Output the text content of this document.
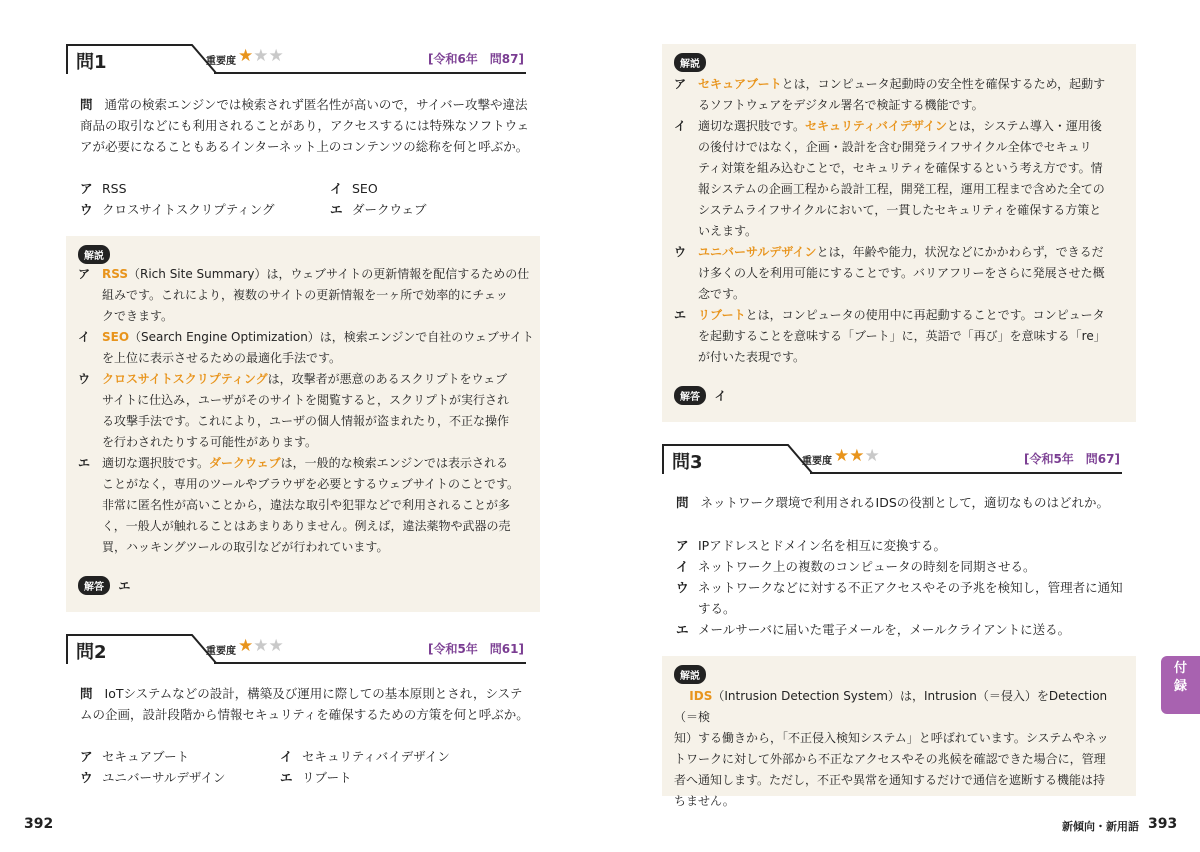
問1	重要度 ★★★	[令和6年　問87]
問 通常の検索エンジンでは検索されず匿名性が高いので，サイバー攻撃や違法
商品の取引などにも利用されることがあり，アクセスするには特殊なソフトウェ
アが必要になることもあるインターネット上のコンテンツの総称を何と呼ぶか。
ア RSS	イ SEO
ウ クロスサイトスクリプティング	エ ダークウェブ
解説
ア RSS（Rich Site Summary）は，ウェブサイトの更新情報を配信するための仕
組みです。これにより，複数のサイトの更新情報を一ヶ所で効率的にチェッ
クできます。
イ SEO（Search Engine Optimization）は，検索エンジンで自社のウェブサイト
を上位に表示させるための最適化手法です。
ウ クロスサイトスクリプティングは，攻撃者が悪意のあるスクリプトをウェブ
サイトに仕込み，ユーザがそのサイトを閲覧すると，スクリプトが実行され
る攻撃手法です。これにより，ユーザの個人情報が盗まれたり，不正な操作
を行わされたりする可能性があります。
エ 適切な選択肢です。ダークウェブは，一般的な検索エンジンでは表示される
ことがなく，専用のツールやブラウザを必要とするウェブサイトのことです。
非常に匿名性が高いことから，違法な取引や犯罪などで利用されることが多
く，一般人が触れることはあまりありません。例えば，違法薬物や武器の売
買，ハッキングツールの取引などが行われています。
解答 エ
問2	重要度 ★★★	[令和5年　問61]
問 IoTシステムなどの設計，構築及び運用に際しての基本原則とされ，システ
ムの企画，設計段階から情報セキュリティを確保するための方策を何と呼ぶか。
ア セキュアブート	イ セキュリティバイデザイン
ウ ユニバーサルデザイン	エ リブート
392
解説
ア セキュアブートとは，コンピュータ起動時の安全性を確保するため，起動す
るソフトウェアをデジタル署名で検証する機能です。
イ 適切な選択肢です。セキュリティバイデザインとは，システム導入・運用後
の後付けではなく，企画・設計を含む開発ライフサイクル全体でセキュリ
ティ対策を組み込むことで，セキュリティを確保するという考え方です。情
報システムの企画工程から設計工程，開発工程，運用工程まで含めた全ての
システムライフサイクルにおいて，一貫したセキュリティを確保する方策と
いえます。
ウ ユニバーサルデザインとは，年齢や能力，状況などにかかわらず，できるだ
け多くの人を利用可能にすることです。バリアフリーをさらに発展させた概
念です。
エ リブートとは，コンピュータの使用中に再起動することです。コンピュータ
を起動することを意味する「ブート」に，英語で「再び」を意味する「re」
が付いた表現です。
解答 イ
問3	重要度 ★★★	[令和5年　問67]
問 ネットワーク環境で利用されるIDSの役割として，適切なものはどれか。
ア IPアドレスとドメイン名を相互に変換する。
イ ネットワーク上の複数のコンピュータの時刻を同期させる。
ウ ネットワークなどに対する不正アクセスやその予兆を検知し，管理者に通知
する。
エ メールサーバに届いた電子メールを，メールクライアントに送る。
解説
IDS（Intrusion Detection System）は，Intrusion（＝侵入）をDetection（＝検
知）する働きから，「不正侵入検知システム」と呼ばれています。システムやネッ
トワークに対して外部から不正なアクセスやその兆候を確認できた場合に，管理
者へ通知します。ただし，不正や異常を通知するだけで通信を遮断する機能は持
ちません。
付録
新傾向・新用語 393
